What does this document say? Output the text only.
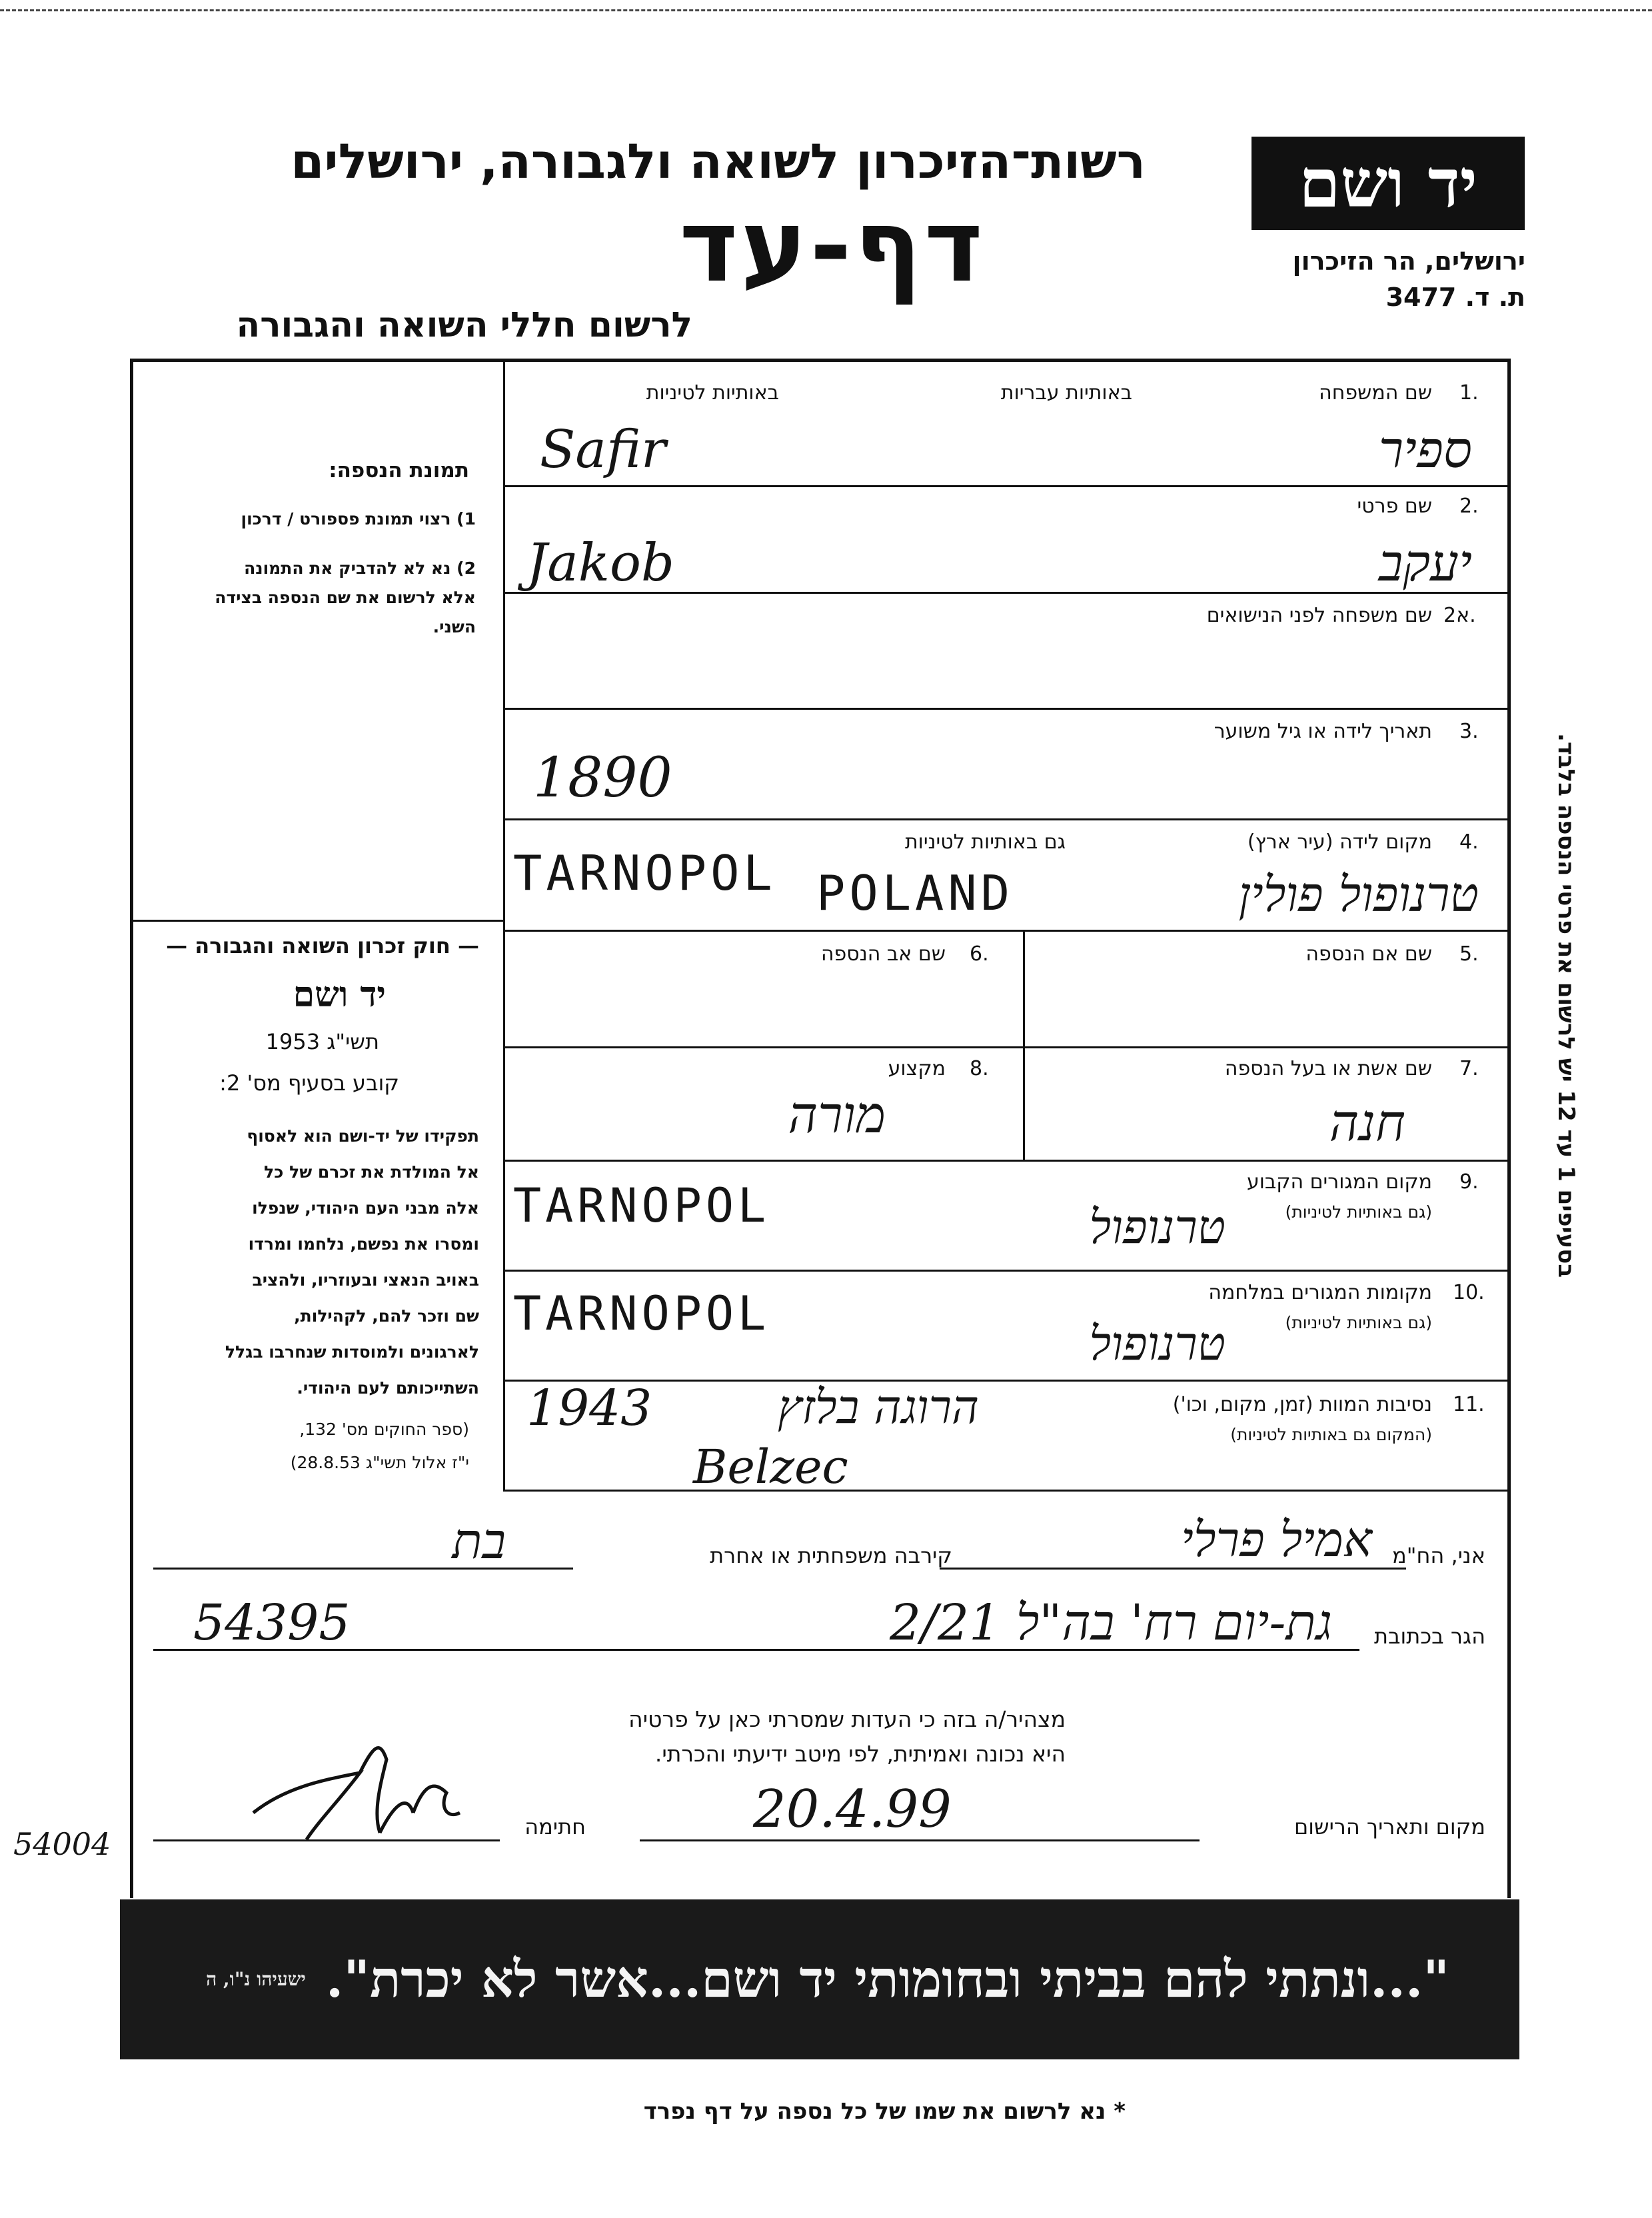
רשות־הזיכרון לשואה ולגבורה, ירושלים
דף-עד
לרשום חללי השואה והגבורה
יד ושם
ירושלים, הר הזיכרון
ת. ד. 3477
תמונת הנספה:
1) רצוי תמונת פספורט / דרכון
2) נא לא להדביק את התמונה
אלא לרשום את שם הנספה בצידה
השני.
— חוק זכרון השואה והגבורה —
יד ושם
תשי"ג 1953
קובע בסעיף מס' 2:
תפקידו של יד-ושם הוא לאסוף
אל המולדת את זכרם של כל
אלה מבני העם היהודי, שנפלו
ומסרו את נפשם, נלחמו ומרדו
באויב הנאצי ובעוזריו, ולהציב
שם וזכר להם, לקהילות,
לארגונים ולמוסדות שנחרבו בגלל
השתייכותם לעם היהודי.
(ספר החוקים מס' 132,
י"ז אלול תשי"ג 28.8.53)
באותיות עבריות
באותיות לטיניות	1.
שם המשפחה
ספיר
Safir
2.
שם פרטי
יעקב
Jakob
2א.
שם משפחה לפני הנישואים
3.
תאריך לידה או גיל משוער
1890
4.
מקום לידה (עיר ארץ)
גם באותיות לטיניות
טרנופול פולין
TARNOPOL POLAND
5.
שם אם הנספה
6.
שם אב הנספה
7.
שם אשת או בעל הנספה
חנה
8.
מקצוע
מורה
9.
מקום המגורים הקבוע
(גם באותיות לטיניות)
טרנופול
TARNOPOL
10.
מקומות המגורים במלחמה
(גם באותיות לטיניות)
טרנופול
TARNOPOL
11.
נסיבות המוות (זמן, מקום, וכו')
(המקום גם באותיות לטיניות)
1943	הרוגה בלזץ
Belzec
בסעיפים 1 עד 12 יש לרשום את פרטי הנספה בלבד.
אני, הח"מ
אמיל פרלי
קירבה משפחתית או אחרת
בת
הגר בכתובת
גת-יום רח' בה"ל 2/21
54395
מצהיר/ה בזה כי העדות שמסרתי כאן על פרטיה
היא נכונה ואמיתית, לפי מיטב ידיעתי והכרתי.
מקום ותאריך הרישום
20.4.99
חתימה
54004
ישעיהו נ"ו, ה "...ונתתי להם בביתי ובחומותי יד ושם...אשר לא יכרת".
* נא לרשום את שמו של כל נספה על דף נפרד
